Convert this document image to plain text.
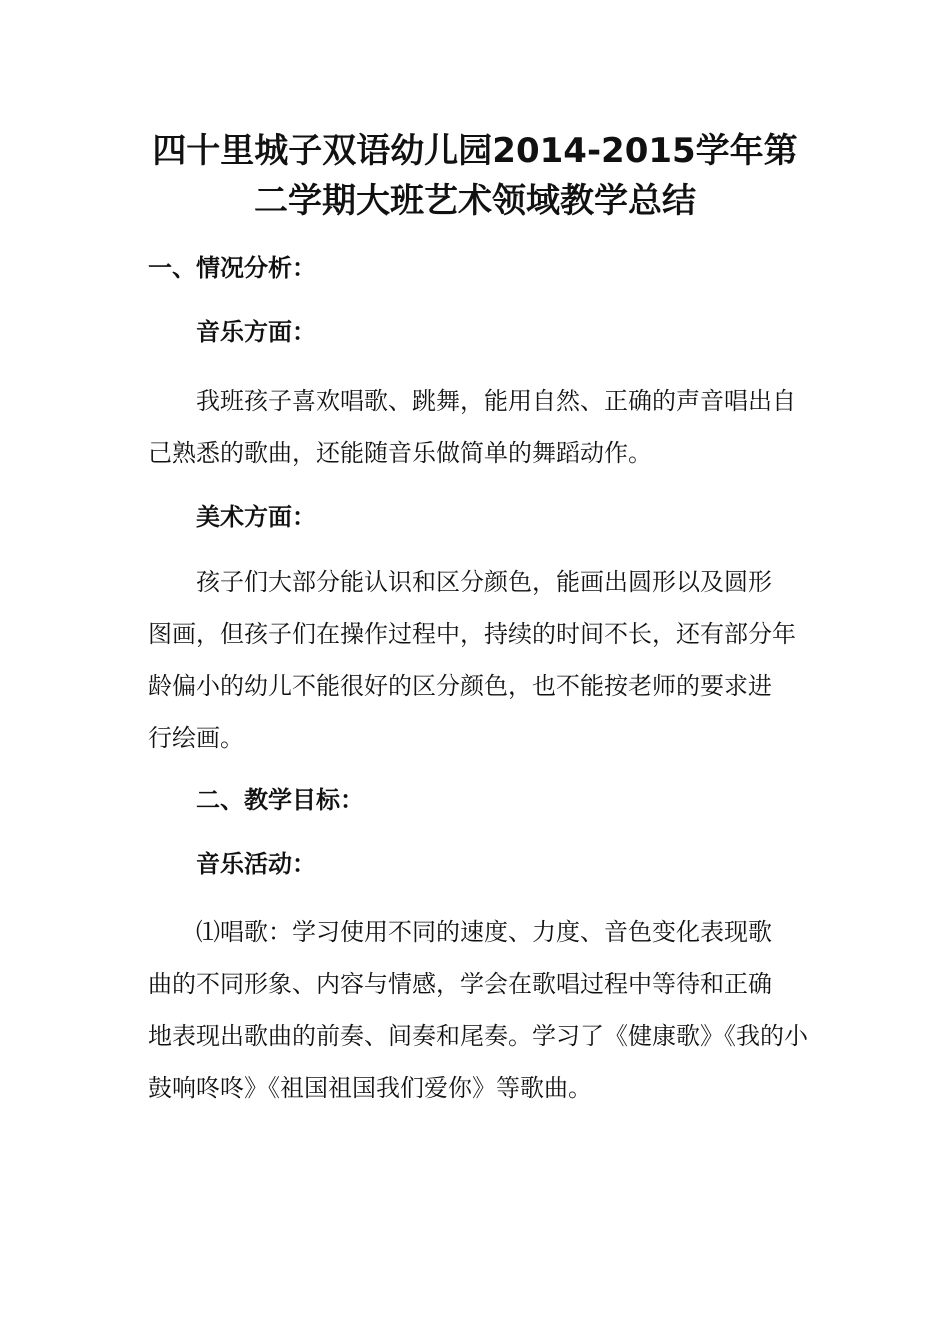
四十里城子双语幼儿园2014-2015学年第
二学期大班艺术领域教学总结
一、情况分析：
音乐方面：
我班孩子喜欢唱歌、跳舞，能用自然、正确的声音唱出自
己熟悉的歌曲，还能随音乐做简单的舞蹈动作。
美术方面：
孩子们大部分能认识和区分颜色，能画出圆形以及圆形
图画，但孩子们在操作过程中，持续的时间不长，还有部分年
龄偏小的幼儿不能很好的区分颜色，也不能按老师的要求进
行绘画。
二、教学目标：
音乐活动：
⑴唱歌：学习使用不同的速度、力度、音色变化表现歌
曲的不同形象、内容与情感，学会在歌唱过程中等待和正确
地表现出歌曲的前奏、间奏和尾奏。学习了《健康歌》《我的小
鼓响咚咚》《祖国祖国我们爱你》等歌曲。
